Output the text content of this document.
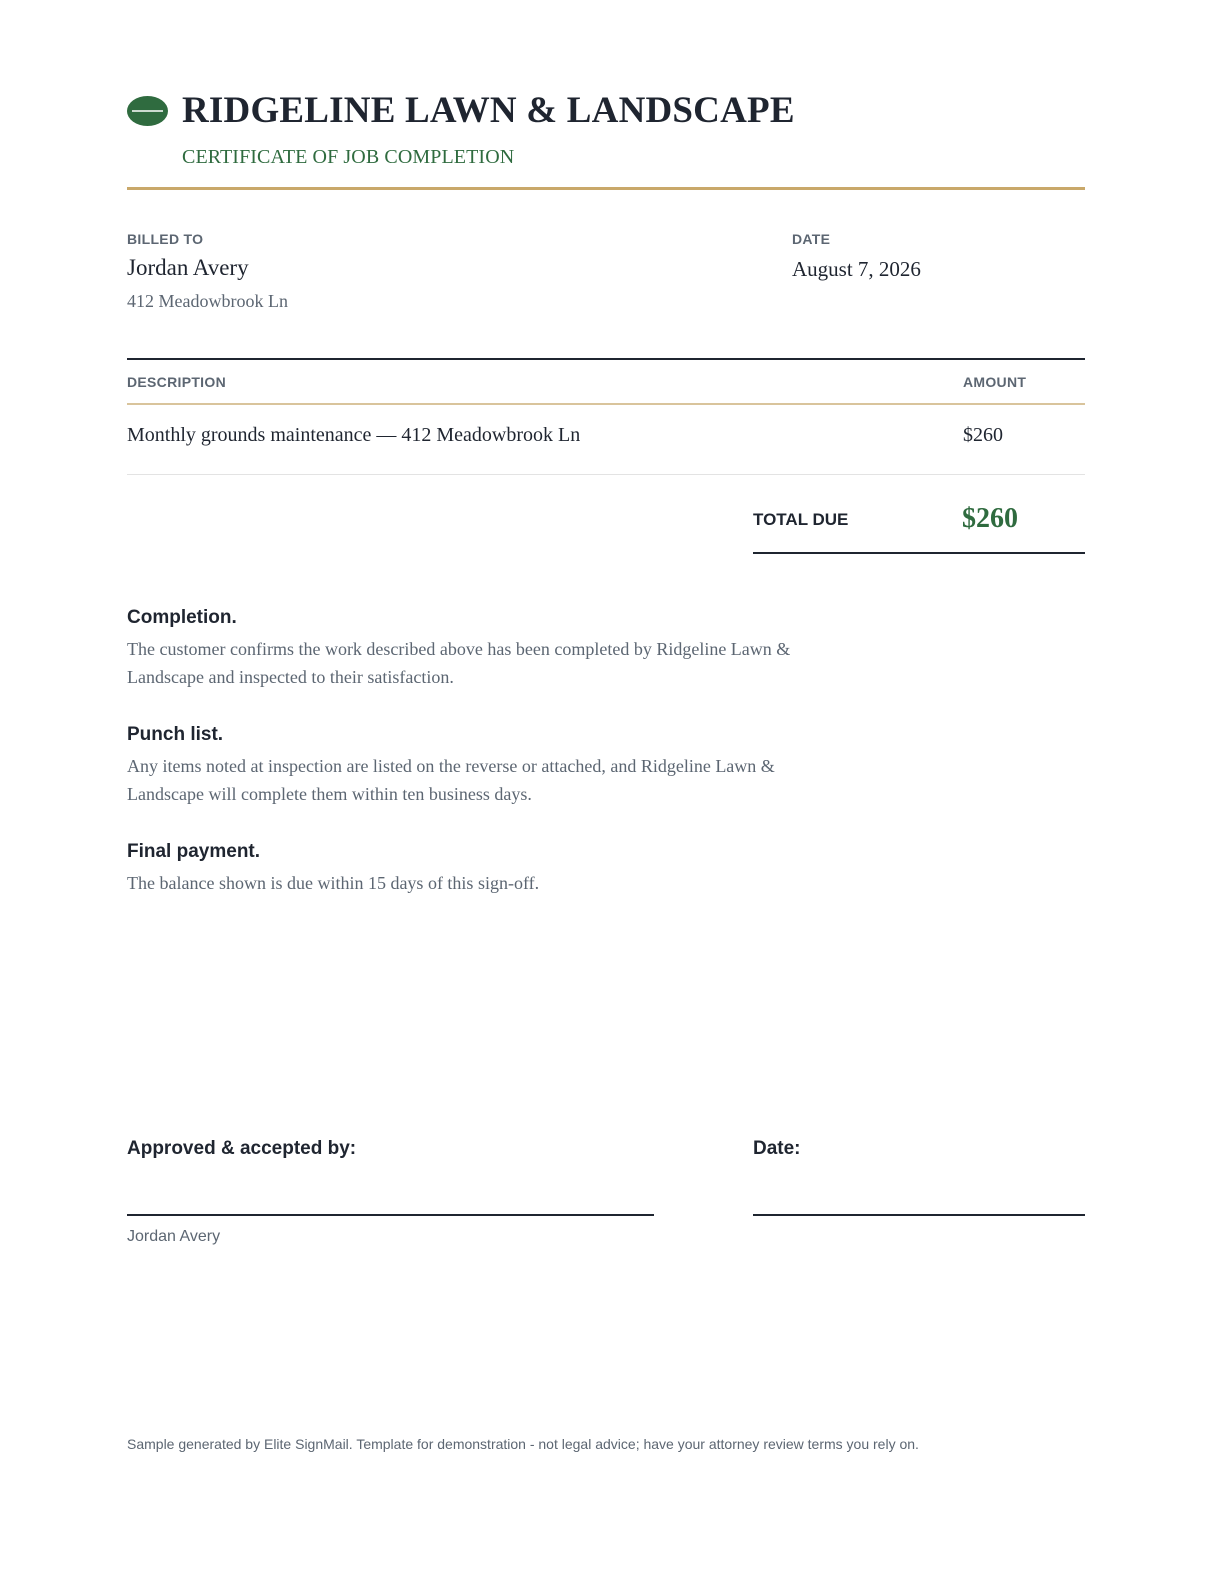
RIDGELINE LAWN & LANDSCAPE
CERTIFICATE OF JOB COMPLETION
BILLED TO
Jordan Avery
412 Meadowbrook Ln
DATE
August 7, 2026
DESCRIPTION	AMOUNT
Monthly grounds maintenance — 412 Meadowbrook Ln	$260
TOTAL DUE	$260
Completion.
The customer confirms the work described above has been completed by Ridgeline Lawn & Landscape and inspected to their satisfaction.
Punch list.
Any items noted at inspection are listed on the reverse or attached, and Ridgeline Lawn & Landscape will complete them within ten business days.
Final payment.
The balance shown is due within 15 days of this sign-off.
Approved & accepted by:	Date:
Jordan Avery
Sample generated by Elite SignMail. Template for demonstration - not legal advice; have your attorney review terms you rely on.
